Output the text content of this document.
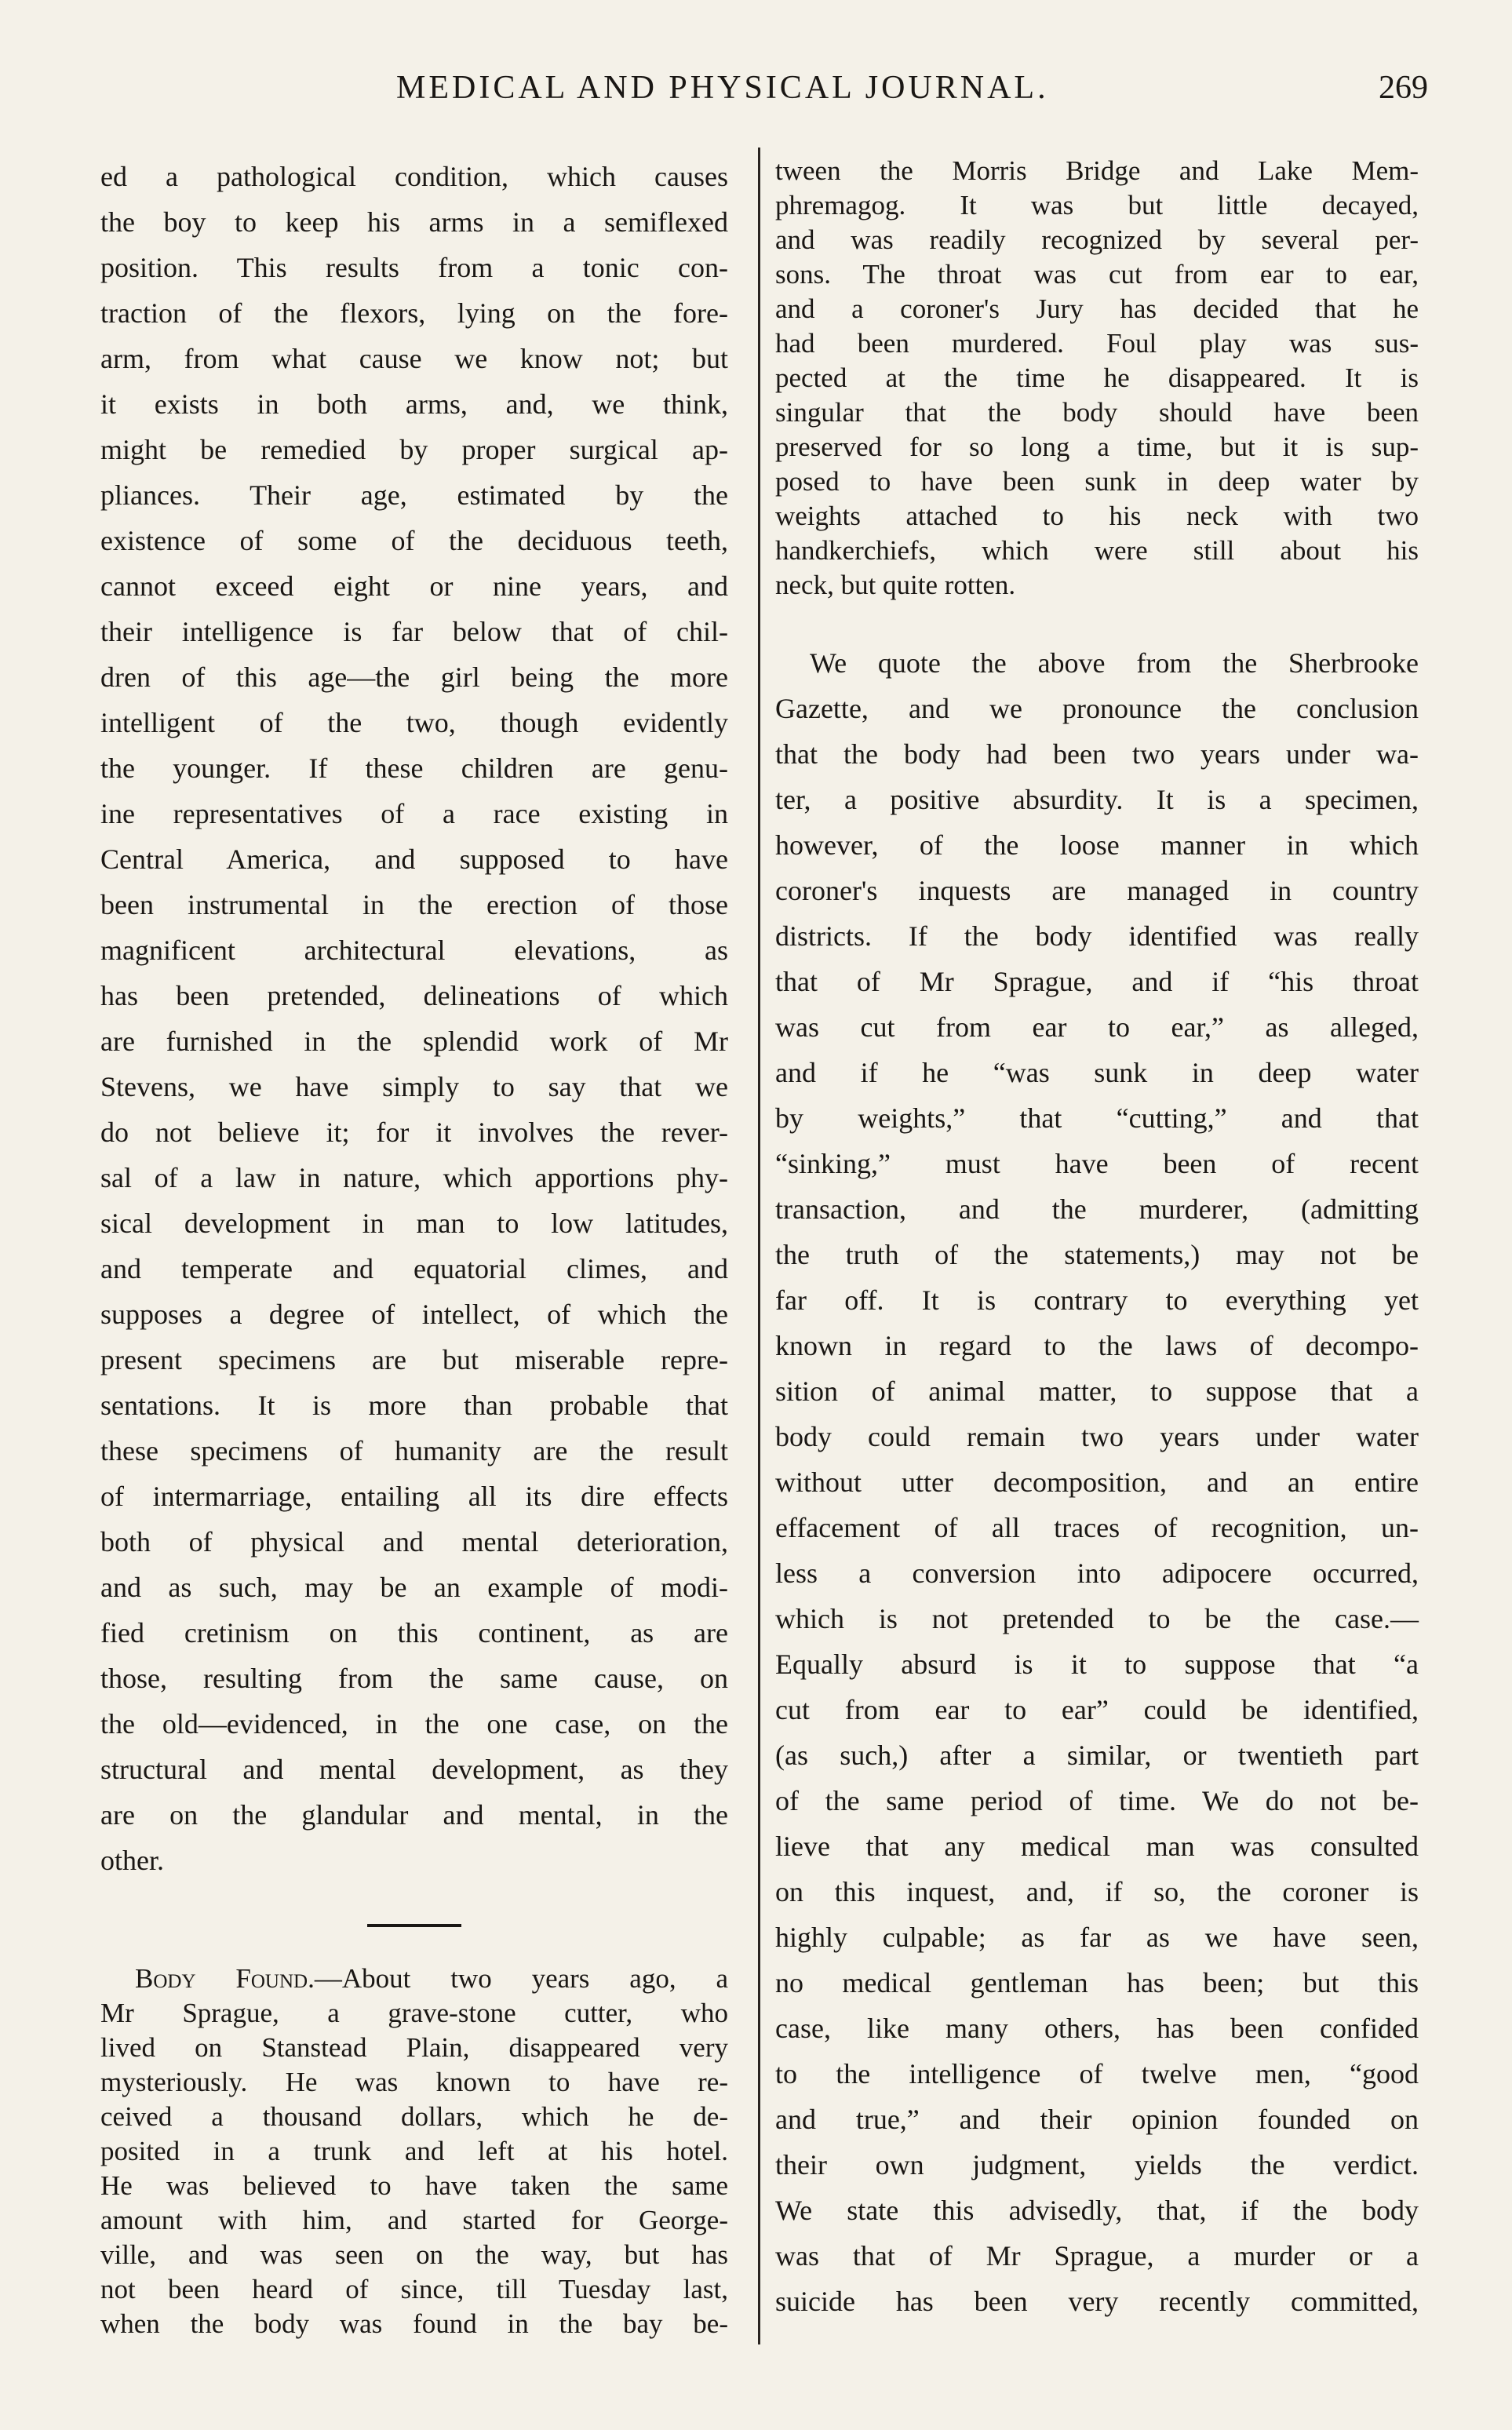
MEDICAL AND PHYSICAL JOURNAL.	269
ed a pathological condition, which causes
the boy to keep his arms in a semiflexed
position. This results from a tonic con-
traction of the flexors, lying on the fore-
arm, from what cause we know not; but
it exists in both arms, and, we think,
might be remedied by proper surgical ap-
pliances. Their age, estimated by the
existence of some of the deciduous teeth,
cannot exceed eight or nine years, and
their intelligence is far below that of chil-
dren of this age—the girl being the more
intelligent of the two, though evidently
the younger. If these children are genu-
ine representatives of a race existing in
Central America, and supposed to have
been instrumental in the erection of those
magnificent architectural elevations, as
has been pretended, delineations of which
are furnished in the splendid work of Mr
Stevens, we have simply to say that we
do not believe it; for it involves the rever-
sal of a law in nature, which apportions phy-
sical development in man to low latitudes,
and temperate and equatorial climes, and
supposes a degree of intellect, of which the
present specimens are but miserable repre-
sentations. It is more than probable that
these specimens of humanity are the result
of intermarriage, entailing all its dire effects
both of physical and mental deterioration,
and as such, may be an example of modi-
fied cretinism on this continent, as are
those, resulting from the same cause, on
the old—evidenced, in the one case, on the
structural and mental development, as they
are on the glandular and mental, in the
other.
Body Found.—About two years ago, a
Mr Sprague, a grave-stone cutter, who
lived on Stanstead Plain, disappeared very
mysteriously. He was known to have re-
ceived a thousand dollars, which he de-
posited in a trunk and left at his hotel.
He was believed to have taken the same
amount with him, and started for George-
ville, and was seen on the way, but has
not been heard of since, till Tuesday last,
when the body was found in the bay be-
tween the Morris Bridge and Lake Mem-
phremagog. It was but little decayed,
and was readily recognized by several per-
sons. The throat was cut from ear to ear,
and a coroner's Jury has decided that he
had been murdered. Foul play was sus-
pected at the time he disappeared. It is
singular that the body should have been
preserved for so long a time, but it is sup-
posed to have been sunk in deep water by
weights attached to his neck with two
handkerchiefs, which were still about his
neck, but quite rotten.
We quote the above from the Sherbrooke
Gazette, and we pronounce the conclusion
that the body had been two years under wa-
ter, a positive absurdity. It is a specimen,
however, of the loose manner in which
coroner's inquests are managed in country
districts. If the body identified was really
that of Mr Sprague, and if “his throat
was cut from ear to ear,” as alleged,
and if he “was sunk in deep water
by weights,” that “cutting,” and that
“sinking,” must have been of recent
transaction, and the murderer, (admitting
the truth of the statements,) may not be
far off. It is contrary to everything yet
known in regard to the laws of decompo-
sition of animal matter, to suppose that a
body could remain two years under water
without utter decomposition, and an entire
effacement of all traces of recognition, un-
less a conversion into adipocere occurred,
which is not pretended to be the case.—
Equally absurd is it to suppose that “a
cut from ear to ear” could be identified,
(as such,) after a similar, or twentieth part
of the same period of time. We do not be-
lieve that any medical man was consulted
on this inquest, and, if so, the coroner is
highly culpable; as far as we have seen,
no medical gentleman has been; but this
case, like many others, has been confided
to the intelligence of twelve men, “good
and true,” and their opinion founded on
their own judgment, yields the verdict.
We state this advisedly, that, if the body
was that of Mr Sprague, a murder or a
suicide has been very recently committed,
